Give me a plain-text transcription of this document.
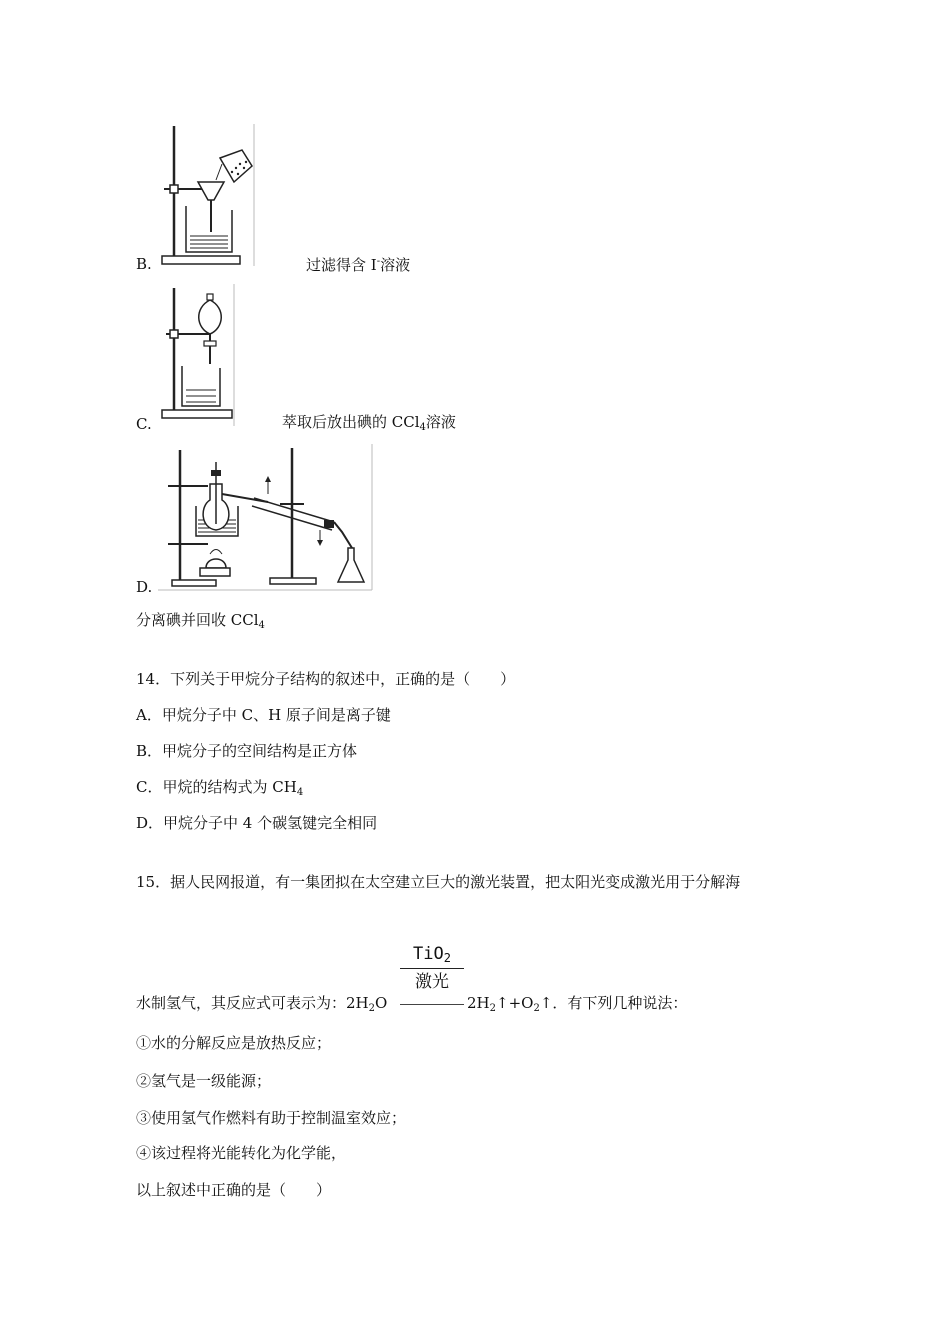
B.	过滤得含 I-溶液
C.	萃取后放出碘的 CCl$_4$溶液
D.
分离碘并回收 CCl$_4$
14．下列关于甲烷分子结构的叙述中，正确的是（　　）
A．甲烷分子中 C、H 原子间是离子键
B．甲烷分子的空间结构是正方体
C．甲烷的结构式为 $CH_4$
D．甲烷分子中 4 个碳氢键完全相同
15．据人民网报道，有一集团拟在太空建立巨大的激光装置，把太阳光变成激光用于分解海
TiO$_2$
激光
水制氢气，其反应式可表示为：$2H_2O$	$2H_2↑+O_2↑$．有下列几种说法：
①水的分解反应是放热反应；
②氢气是一级能源；
③使用氢气作燃料有助于控制温室效应；
④该过程将光能转化为化学能，
以上叙述中正确的是（　　）
